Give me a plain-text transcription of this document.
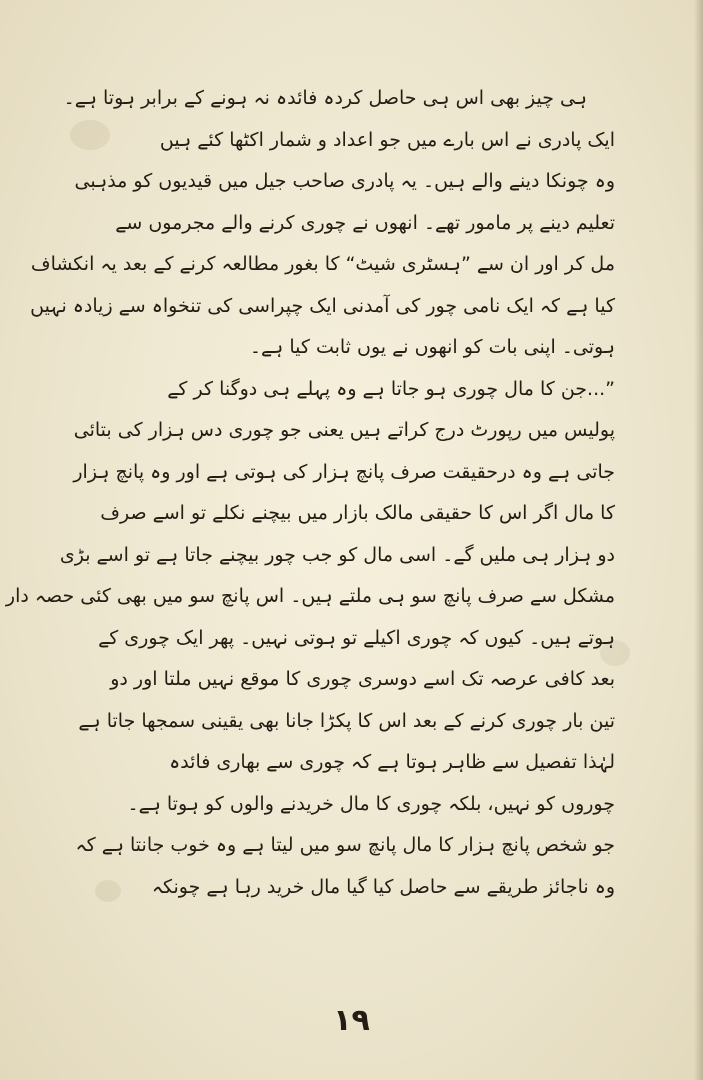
ہی چیز بھی اس ہی حاصل کردہ فائدہ نہ ہونے کے برابر ہوتا ہے۔
ایک پادری نے اس بارے میں جو اعداد و شمار اکٹھا کئے ہیں
وہ چونکا دینے والے ہیں۔ یہ پادری صاحب جیل میں قیدیوں کو مذہبی
تعلیم دینے پر مامور تھے۔ انھوں نے چوری کرنے والے مجرموں سے
مل کر اور ان سے ”ہسٹری شیٹ“ کا بغور مطالعہ کرنے کے بعد یہ انکشاف
کیا ہے کہ ایک نامی چور کی آمدنی ایک چپراسی کی تنخواہ سے زیادہ نہیں
ہوتی۔ اپنی بات کو انھوں نے یوں ثابت کیا ہے۔
”...جن کا مال چوری ہو جاتا ہے وہ پہلے ہی دوگنا کر کے
پولیس میں رپورٹ درج کراتے ہیں یعنی جو چوری دس ہزار کی بتائی
جاتی ہے وہ درحقیقت صرف پانچ ہزار کی ہوتی ہے اور وہ پانچ ہزار
کا مال اگر اس کا حقیقی مالک بازار میں بیچنے نکلے تو اسے صرف
دو ہزار ہی ملیں گے۔ اسی مال کو جب چور بیچنے جاتا ہے تو اسے بڑی
مشکل سے صرف پانچ سو ہی ملتے ہیں۔ اس پانچ سو میں بھی کئی حصہ دار
ہوتے ہیں۔ کیوں کہ چوری اکیلے تو ہوتی نہیں۔ پھر ایک چوری کے
بعد کافی عرصہ تک اسے دوسری چوری کا موقع نہیں ملتا اور دو
تین بار چوری کرنے کے بعد اس کا پکڑا جانا بھی یقینی سمجھا جاتا ہے
لہٰذا تفصیل سے ظاہر ہوتا ہے کہ چوری سے بھاری فائدہ
چوروں کو نہیں، بلکہ چوری کا مال خریدنے والوں کو ہوتا ہے۔
جو شخص پانچ ہزار کا مال پانچ سو میں لیتا ہے وہ خوب جانتا ہے کہ
وہ ناجائز طریقے سے حاصل کیا گیا مال خرید رہا ہے چونکہ
۱۹
